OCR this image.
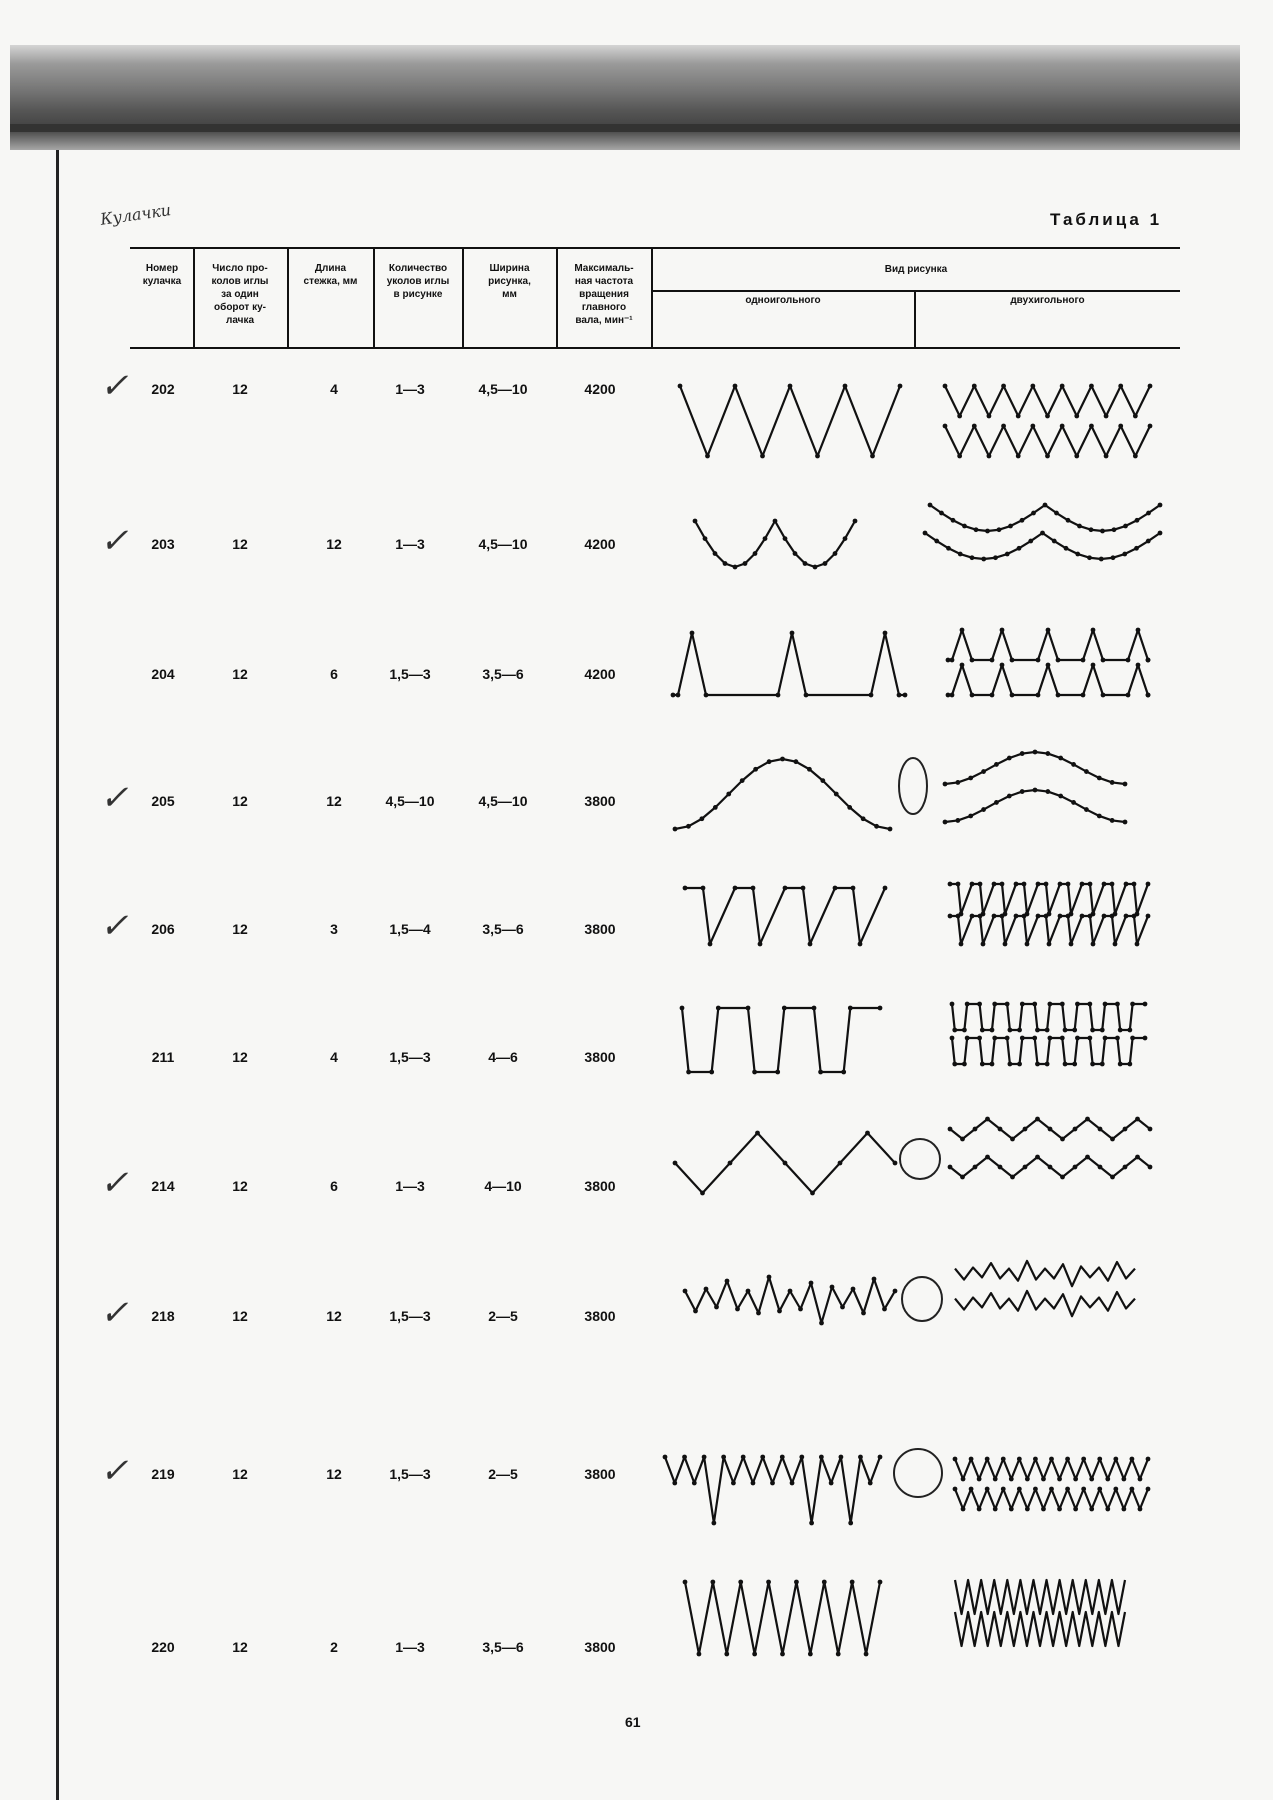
Кулачки	Таблица 1
Номер
кулачка
Число про-
колов иглы
за один
оборот ку-
лачка
Длина
стежка, мм
Количество
уколов иглы
в рисунке
Ширина
рисунка,
мм
Максималь-
ная частота
вращения
главного
вала, мин⁻¹
Вид рисунка
одноигольного	двухигольного
202	12	4	1—3	4,5—10	4200
✓
203	12	12	1—3	4,5—10	4200
✓
204	12	6	1,5—3	3,5—6	4200
205	12	12	4,5—10	4,5—10	3800
✓
206	12	3	1,5—4	3,5—6	3800
✓
211	12	4	1,5—3	4—6	3800
214	12	6	1—3	4—10	3800
✓
218	12	12	1,5—3	2—5	3800
✓
219	12	12	1,5—3	2—5	3800
✓
220	12	2	1—3	3,5—6	3800
61
